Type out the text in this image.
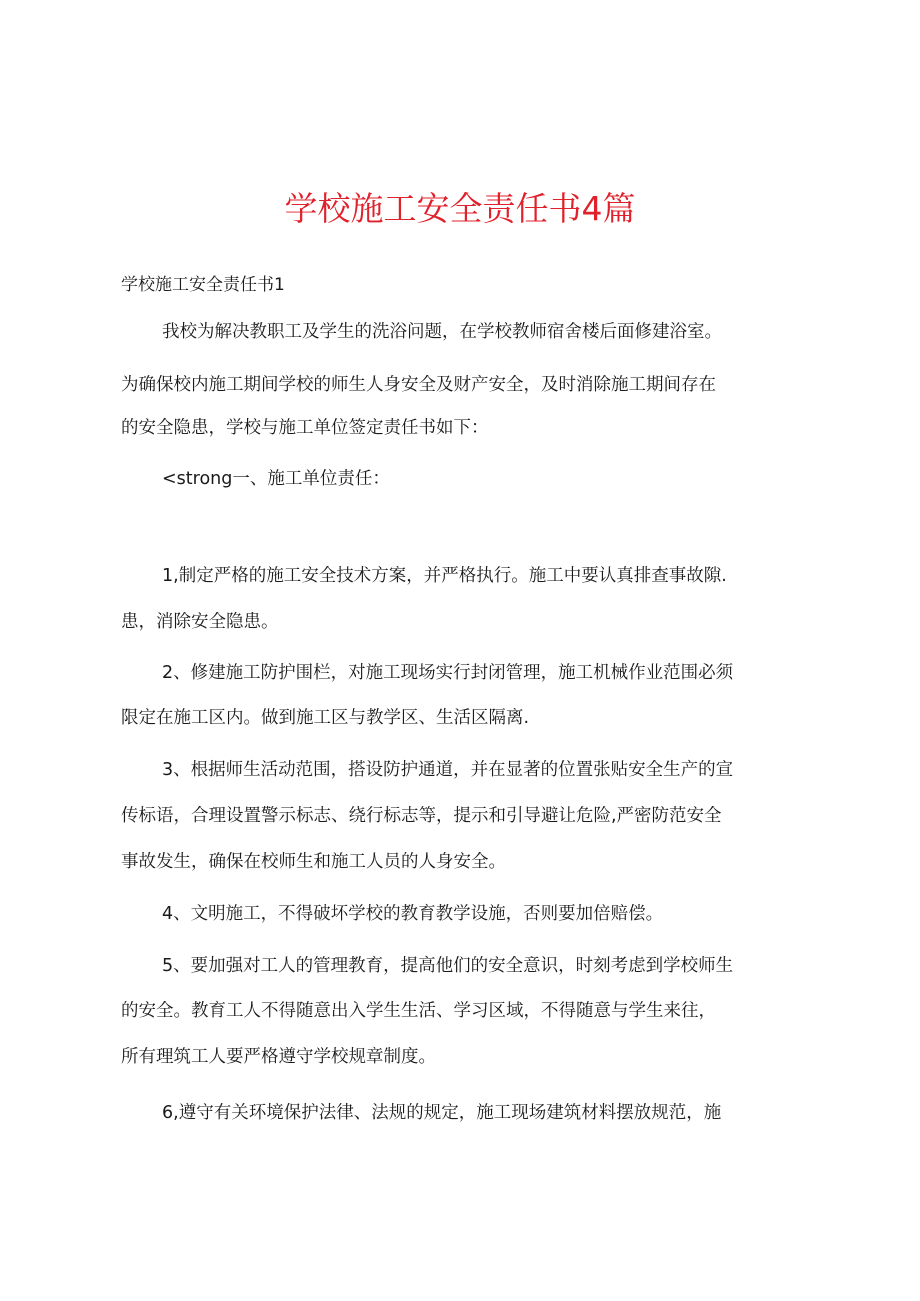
学校施工安全责任书4篇
学校施工安全责任书1
我校为解决教职工及学生的洗浴问题，在学校教师宿舍楼后面修建浴室。
为确保校内施工期间学校的师生人身安全及财产安全，及时消除施工期间存在
的安全隐患，学校与施工单位签定责任书如下：
<strong一、施工单位责任：
1,制定严格的施工安全技术方案，并严格执行。施工中要认真排查事故隙.
患，消除安全隐患。
2、修建施工防护围栏，对施工现场实行封闭管理，施工机械作业范围必须
限定在施工区内。做到施工区与教学区、生活区隔离.
3、根据师生活动范围，搭设防护通道，并在显著的位置张贴安全生产的宣
传标语，合理设置警示标志、绕行标志等，提示和引导避让危险,严密防范安全
事故发生，确保在校师生和施工人员的人身安全。
4、文明施工，不得破坏学校的教育教学设施，否则要加倍赔偿。
5、要加强对工人的管理教育，提高他们的安全意识，时刻考虑到学校师生
的安全。教育工人不得随意出入学生生活、学习区域，不得随意与学生来往，
所有理筑工人要严格遵守学校规章制度。
6,遵守有关环境保护法律、法规的规定，施工现场建筑材料摆放规范，施
